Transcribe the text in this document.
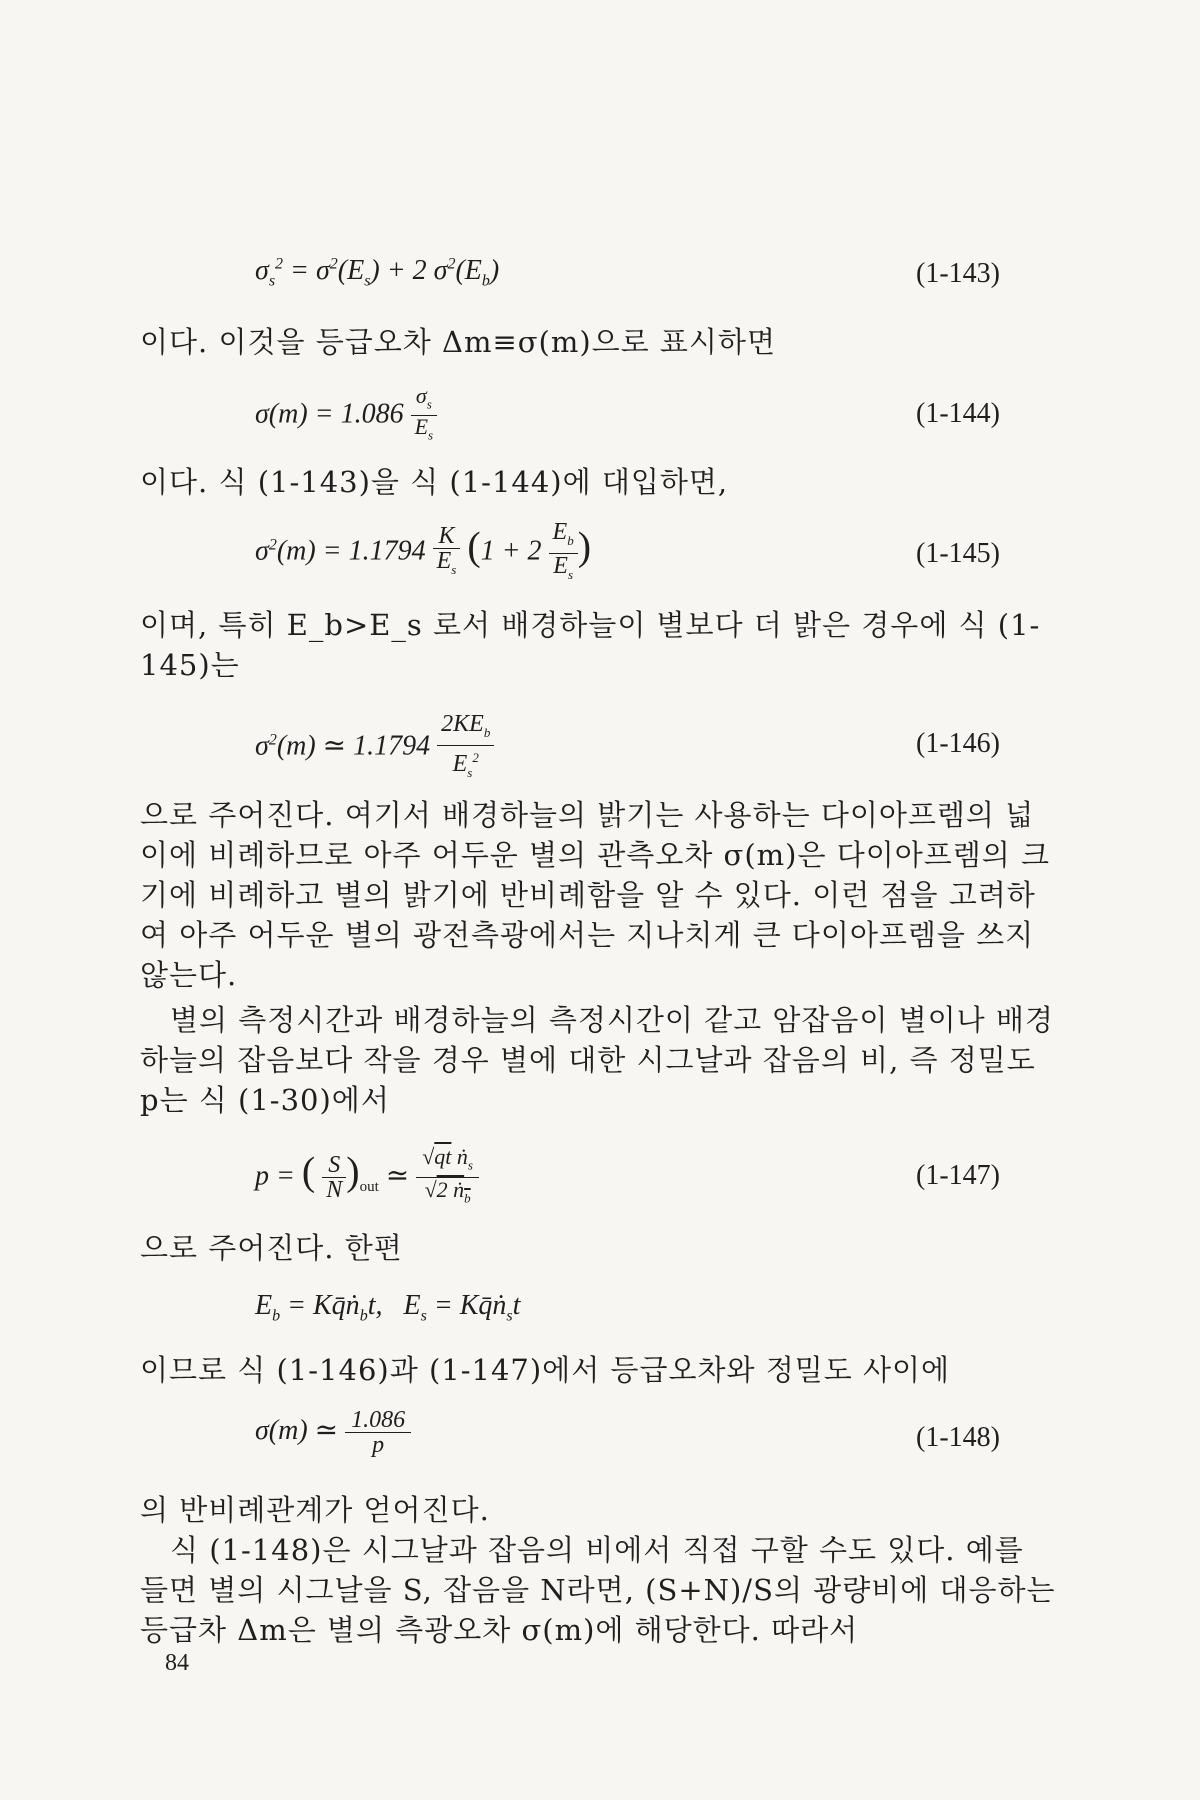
$\sigma_s^2 = \sigma^2(E_s) + 2$ $\sigma^2(E_b)$	(1-143)
이다. 이것을 등급오차 Δm≡σ(m)으로 표시하면
$\sigma(m) = 1.086 \frac{\sigma_s}{E_s}$	(1-144)
이다. 식 (1-143)을 식 (1-144)에 대입하면,
$\sigma^2(m) = 1.1794 \frac{K}{E_s} (1 + 2 \frac{E_b}{E_s}$ )	(1-145)
이며, 특히 E_b>E_s 로서 배경하늘이 별보다 더 밝은 경우에 식 (1-145)는
$\sigma^2(m)$ ≃ 1.1794
$2KE_b$
$E_s^2$	(1-146)
으로 주어진다. 여기서 배경하늘의 밝기는 사용하는 다이아프렘의 넓이에 비례하므로 아주 어두운 별의 관측오차 σ(m)은 다이아프렘의 크기에 비례하고 별의 밝기에 반비례함을 알 수 있다. 이런 점을 고려하여 아주 어두운 별의 광전측광에서는 지나치게 큰 다이아프렘을 쓰지 않는다.
별의 측정시간과 배경하늘의 측정시간이 같고 암잡음이 별이나 배경하늘의 잡음보다 작을 경우 별에 대한 시그날과 잡음의 비, 즉 정밀도 p는 식 (1-30)에서
p = ( $\frac{S}{N} )_{out}$ ≃ $\frac{√qt ṅ_s}{√2 ṅ_b}$	(1-147)
으로 주어진다. 한편
$E_b$ = Kq̄ṅ$_b$t,   $E_s$ = Kq̄ṅ$_s$t
이므로 식 (1-146)과 (1-147)에서 등급오차와 정밀도 사이에
σ(m) ≃ $\frac{1.086}{p}$	(1-148)
의 반비례관계가 얻어진다.
식 (1-148)은 시그날과 잡음의 비에서 직접 구할 수도 있다. 예를 들면 별의 시그날을 S, 잡음을 N라면, (S+N)/S의 광량비에 대응하는 등급차 Δm은 별의 측광오차 σ(m)에 해당한다. 따라서
84
